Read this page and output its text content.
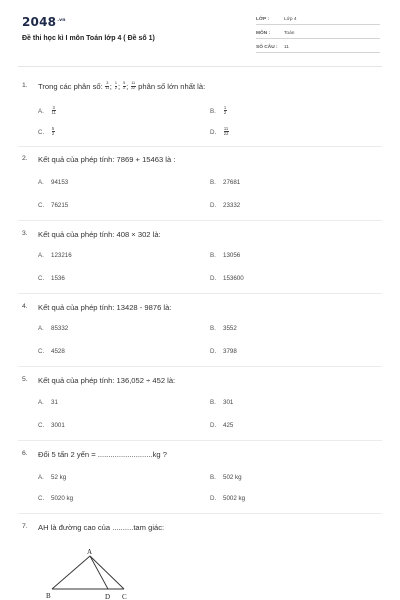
$2048^{.vn}$
Đề thi học kì I môn Toán lớp 4 ( Đề số 1)
LỚP :	Lớp 4
MÔN :	Toán
SỐ CÂU : 11
1. Trong các phân số: $\frac{3}{11}$ ; $\frac{1}{2}$ ; $\frac{5}{2}$ ; $\frac{11}{22}$ phân số lớn nhất là:
A. $\frac{3}{11}$	B. $\frac{1}{2}$
C. $\frac{5}{2}$	D. $\frac{11}{22}$
2. Kết quả của phép tính: 7869 + 15463 là :
A. 94153	B. 27681
C. 76215	D. 23332
3. Kết quả của phép tính: 408 × 302 là:
A. 123216	B. 13056
C. 1536	D. 153600
4. Kết quả của phép tính: 13428 - 9876 là:
A. 85332	B. 3552
C. 4528	D. 3798
5. Kết quả của phép tính: 136,052 ÷ 452 là:
A. 31	B. 301
C. 3001	D. 425
6. Đổi 5 tấn 2 yến = ..........................kg ?
A. 52 kg	B. 502 kg
C. 5020 kg	D. 5002 kg
7. AH là đường cao của ..........tam giác:
A
B	D C
